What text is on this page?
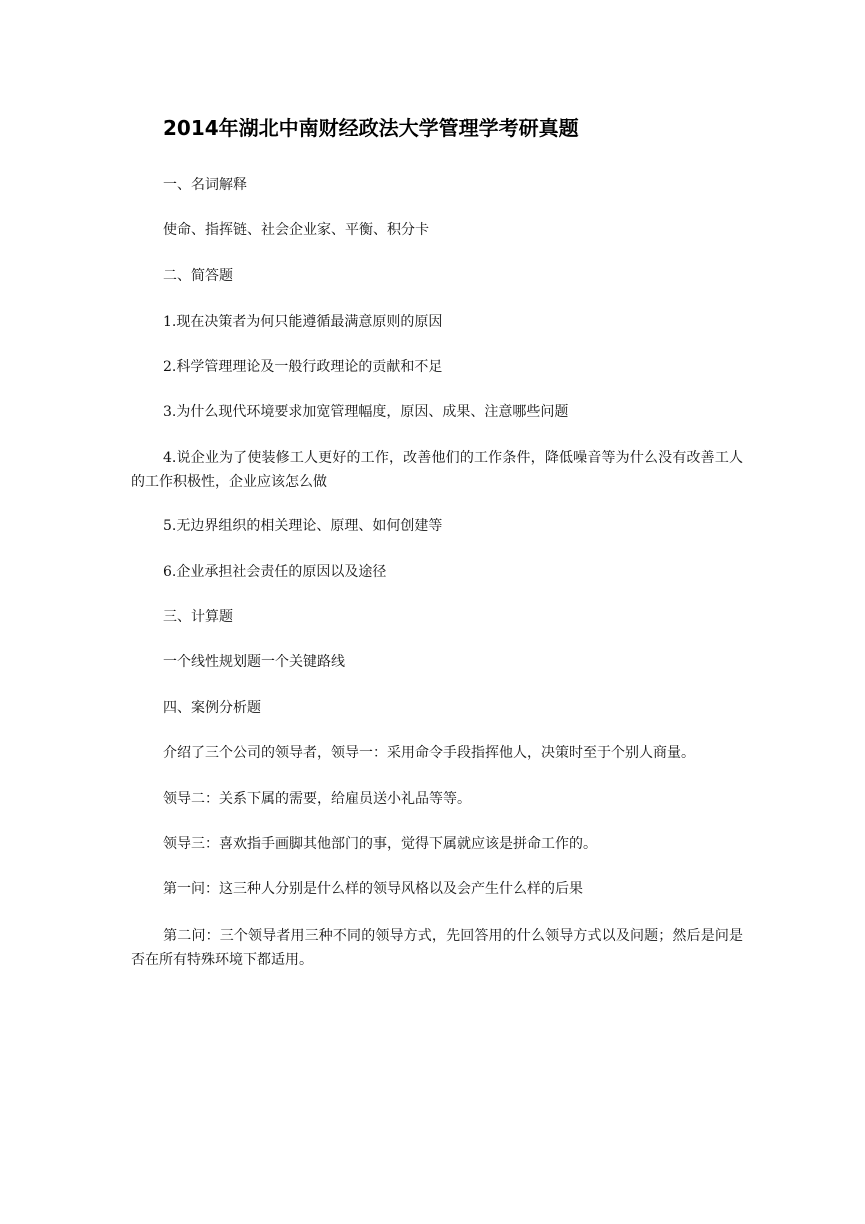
2014年湖北中南财经政法大学管理学考研真题
一、名词解释
使命、指挥链、社会企业家、平衡、积分卡
二、简答题
1.现在决策者为何只能遵循最满意原则的原因
2.科学管理理论及一般行政理论的贡献和不足
3.为什么现代环境要求加宽管理幅度，原因、成果、注意哪些问题
4.说企业为了使装修工人更好的工作，改善他们的工作条件，降低噪音等为什么没有改善工人的工作积极性，企业应该怎么做
5.无边界组织的相关理论、原理、如何创建等
6.企业承担社会责任的原因以及途径
三、计算题
一个线性规划题一个关键路线
四、案例分析题
介绍了三个公司的领导者，领导一：采用命令手段指挥他人，决策时至于个别人商量。
领导二：关系下属的需要，给雇员送小礼品等等。
领导三：喜欢指手画脚其他部门的事，觉得下属就应该是拼命工作的。
第一问：这三种人分别是什么样的领导风格以及会产生什么样的后果
第二问：三个领导者用三种不同的领导方式，先回答用的什么领导方式以及问题；然后是问是否在所有特殊环境下都适用。
